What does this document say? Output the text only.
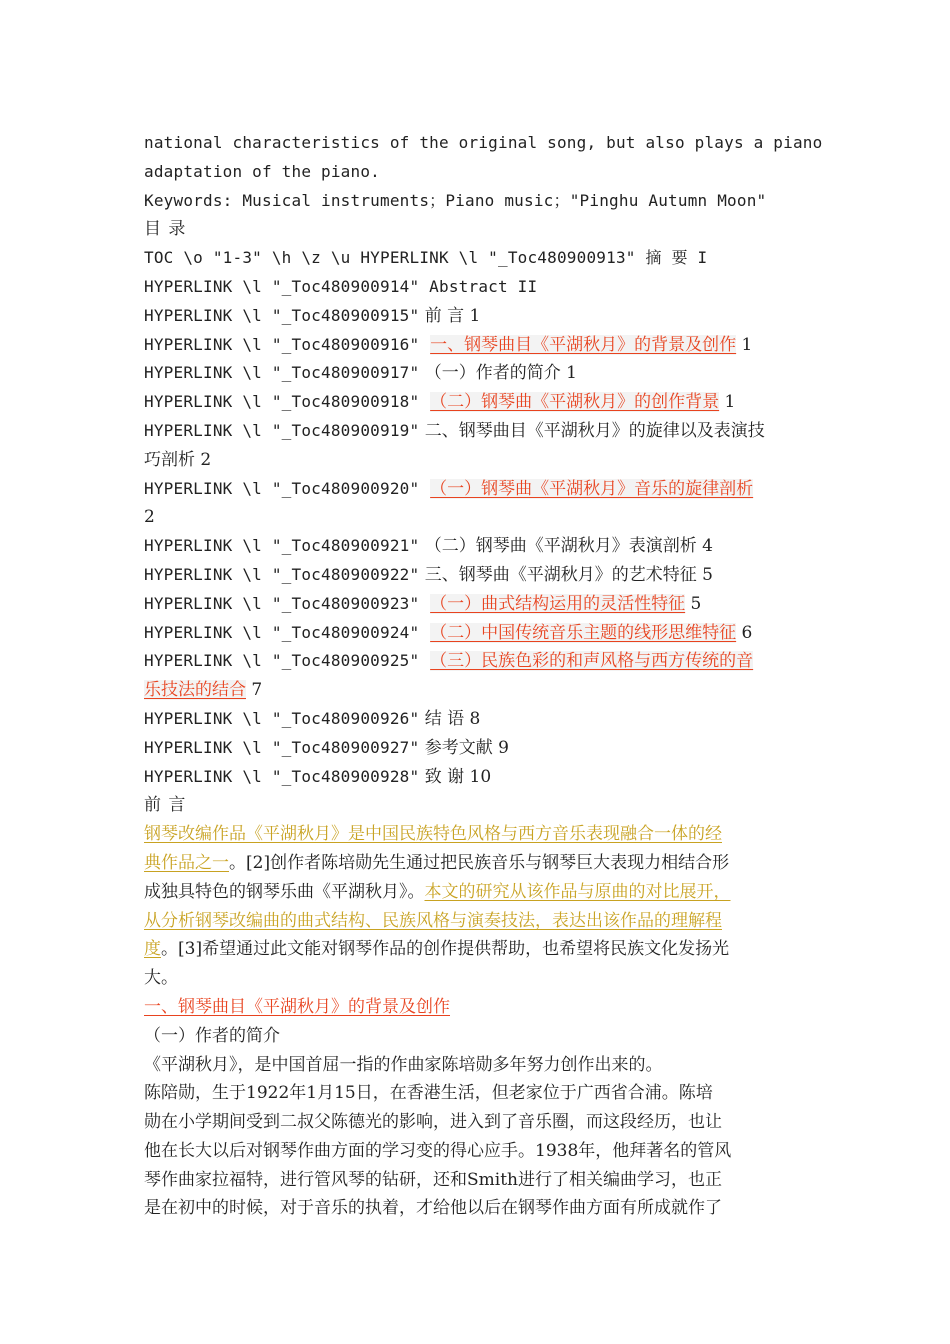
national characteristics of the original song, but also plays a piano
adaptation of the piano.
Keywords: Musical instruments；Piano music；"Pinghu Autumn Moon"
目 录
TOC \o "1-3" \h \z \u HYPERLINK \l "_Toc480900913" 摘 要 I
HYPERLINK \l "_Toc480900914" Abstract II
HYPERLINK \l "_Toc480900915" 前 言 1
HYPERLINK \l "_Toc480900916" 一、钢琴曲目《平湖秋月》的背景及创作 1
HYPERLINK \l "_Toc480900917" （一）作者的简介 1
HYPERLINK \l "_Toc480900918" （二）钢琴曲《平湖秋月》的创作背景 1
HYPERLINK \l "_Toc480900919" 二、钢琴曲目《平湖秋月》的旋律以及表演技
巧剖析 2
HYPERLINK \l "_Toc480900920" （一）钢琴曲《平湖秋月》音乐的旋律剖析
2
HYPERLINK \l "_Toc480900921" （二）钢琴曲《平湖秋月》表演剖析 4
HYPERLINK \l "_Toc480900922" 三、钢琴曲《平湖秋月》的艺术特征 5
HYPERLINK \l "_Toc480900923" （一）曲式结构运用的灵活性特征 5
HYPERLINK \l "_Toc480900924" （二）中国传统音乐主题的线形思维特征 6
HYPERLINK \l "_Toc480900925" （三）民族色彩的和声风格与西方传统的音
乐技法的结合 7
HYPERLINK \l "_Toc480900926" 结 语 8
HYPERLINK \l "_Toc480900927" 参考文献 9
HYPERLINK \l "_Toc480900928" 致 谢 10
前 言
钢琴改编作品《平湖秋月》是中国民族特色风格与西方音乐表现融合一体的经
典作品之一。[2]创作者陈培勋先生通过把民族音乐与钢琴巨大表现力相结合形
成独具特色的钢琴乐曲《平湖秋月》。本文的研究从该作品与原曲的对比展开，
从分析钢琴改编曲的曲式结构、民族风格与演奏技法，表达出该作品的理解程
度。[3]希望通过此文能对钢琴作品的创作提供帮助，也希望将民族文化发扬光
大。
一、钢琴曲目《平湖秋月》的背景及创作
（一）作者的简介
《平湖秋月》，是中国首屈一指的作曲家陈培勋多年努力创作出来的。
陈陪勋，生于1922年1月15日，在香港生活，但老家位于广西省合浦。陈培
勋在小学期间受到二叔父陈德光的影响，进入到了音乐圈，而这段经历，也让
他在长大以后对钢琴作曲方面的学习变的得心应手。1938年，他拜著名的管风
琴作曲家拉福特，进行管风琴的钻研，还和Smith进行了相关编曲学习，也正
是在初中的时候，对于音乐的执着，才给他以后在钢琴作曲方面有所成就作了
